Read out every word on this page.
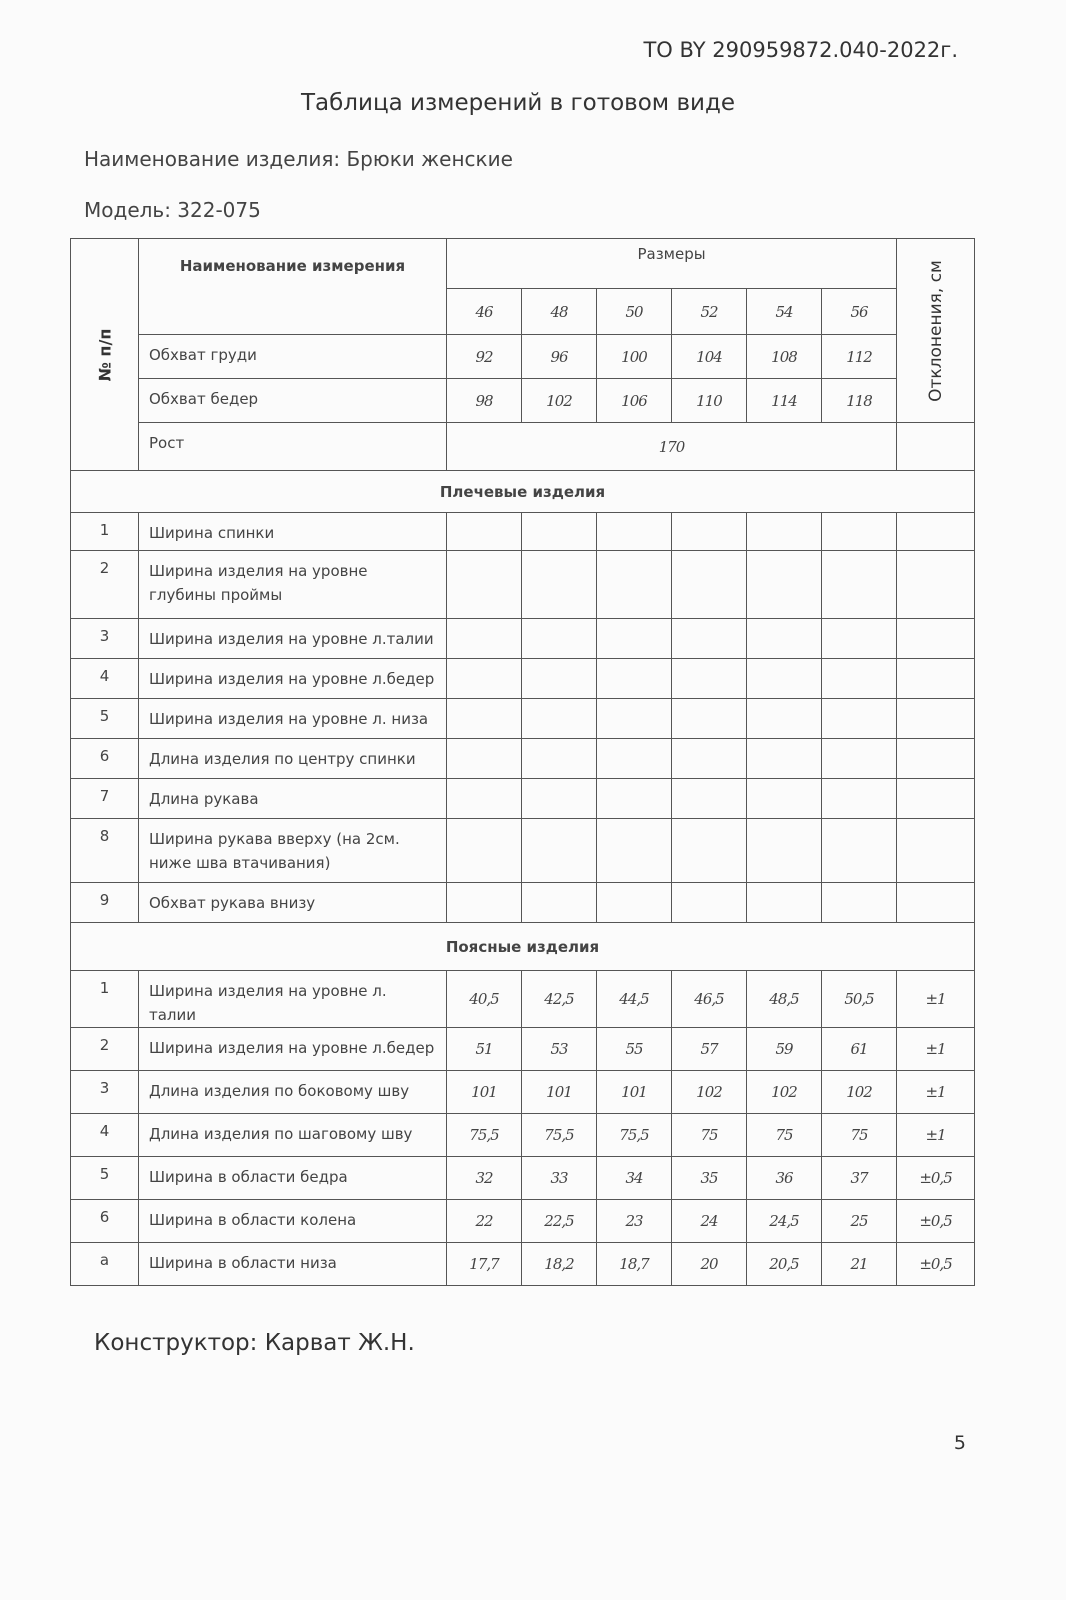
ТО BY 290959872.040-2022г.
Таблица измерений в готовом виде
Наименование изделия: Брюки женские
Модель: 322-075
№ п/п	Наименование измерения	Размеры						Отклонения, см

		46	48	50	52	54	56	
	Обхват груди	92	96	100	104	108	112	
	Обхват бедер	98	102	106	110	114	118	
	Рост	170						
Плечевые изделия								
1	Ширина спинки							
2	Ширина изделия на уровне глубины проймы							
3	Ширина изделия на уровне л.талии							
4	Ширина изделия на уровне л.бедер							
5	Ширина изделия на уровне л. низа							
6	Длина изделия по центру спинки							
7	Длина рукава							
8	Ширина рукава вверху (на 2см. ниже шва втачивания)							
9	Обхват рукава внизу							
Поясные изделия								
1	Ширина изделия на уровне л. талии	40,5	42,5	44,5	46,5	48,5	50,5	±1
2	Ширина изделия на уровне л.бедер	51	53	55	57	59	61	±1
3	Длина изделия по боковому шву	101	101	101	102	102	102	±1
4	Длина изделия по шаговому шву	75,5	75,5	75,5	75	75	75	±1
5	Ширина в области бедра	32	33	34	35	36	37	±0,5
6	Ширина в области колена	22	22,5	23	24	24,5	25	±0,5
а	Ширина в области низа	17,7	18,2	18,7	20	20,5	21	±0,5
Конструктор: Карват Ж.Н.
5
